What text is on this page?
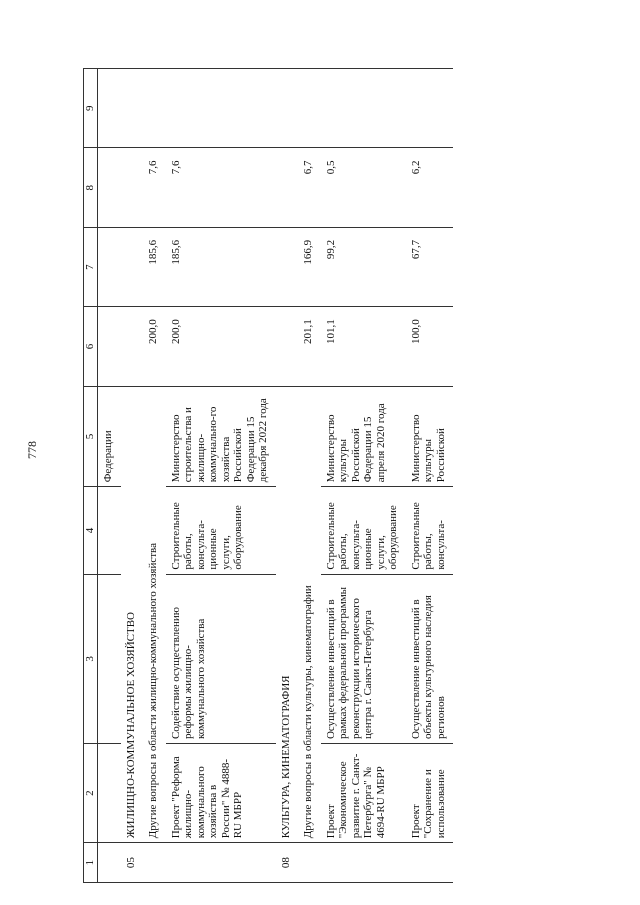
778
1	2	3	4	5	6	7	8	9
				Федерации				
05	ЖИЛИЩНО-КОММУНАЛЬНОЕ ХОЗЯЙСТВО							
	Другие вопросы в области жилищно-коммунального хозяйства				200,0	185,6	7,6	
	Проект "Реформа жилищно-коммунального хозяйства в России" № 4888-RU МБРР	Содействие осуществлению реформы жилищно-коммунального хозяйства	Строительные работы, консульта-ционные услуги, оборудование	Министерство строительства и жилищно-коммунально-го хозяйства Российской Федерации 15 декабря 2022 года	200,0	185,6	7,6	
08	КУЛЬТУРА, КИНЕМАТОГРАФИЯ							
	Другие вопросы в области культуры, кинематографии				201,1	166,9	6,7	
	Проект "Экономическое развитие г. Санкт-Петербурга" № 4694-RU МБРР	Осуществление инвестиций в рамках федеральной программы реконструкции исторического центра г. Санкт-Петербурга	Строительные работы, консульта-ционные услуги, оборудование	Министерство культуры Российской Федерации 15 апреля 2020 года	101,1	99,2	0,5	
	Проект "Сохранение и использование	Осуществление инвестиций в объекты культурного наследия регионов	Строительные работы, консульта-	Министерство культуры Российской	100,0	67,7	6,2	
